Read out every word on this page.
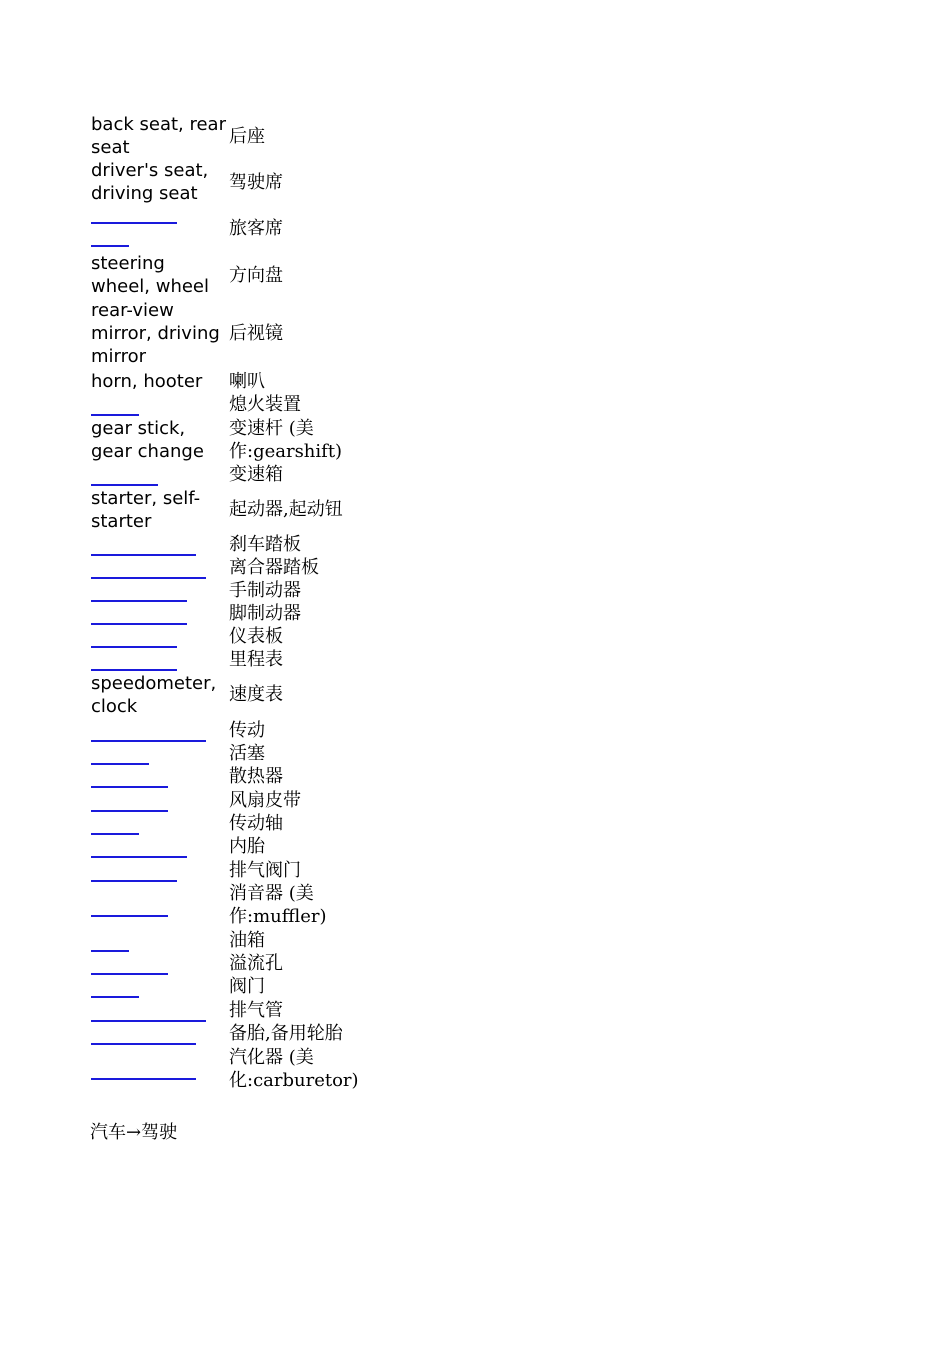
back seat, rear seat	后座

driver's seat, driving seat	驾驶席

	旅客席

steering wheel, wheel	方向盘

rear-view mirror, driving mirror	后视镜

horn, hooter	喇叭
	熄火装置

gear stick, gear change	变速杆 (美作:gearshift)
	变速箱

starter, self-starter	起动器,起动钮
	刹车踏板
	离合器踏板
	手制动器
	脚制动器
	仪表板
	里程表

speedometer, clock	速度表
	传动
	活塞
	散热器
	风扇皮带
	传动轴
	内胎
	排气阀门
	消音器 (美作:muffler)
	油箱
	溢流孔
	阀门
	排气管
	备胎,备用轮胎
	汽化器 (美化:carburetor)
汽车→驾驶
